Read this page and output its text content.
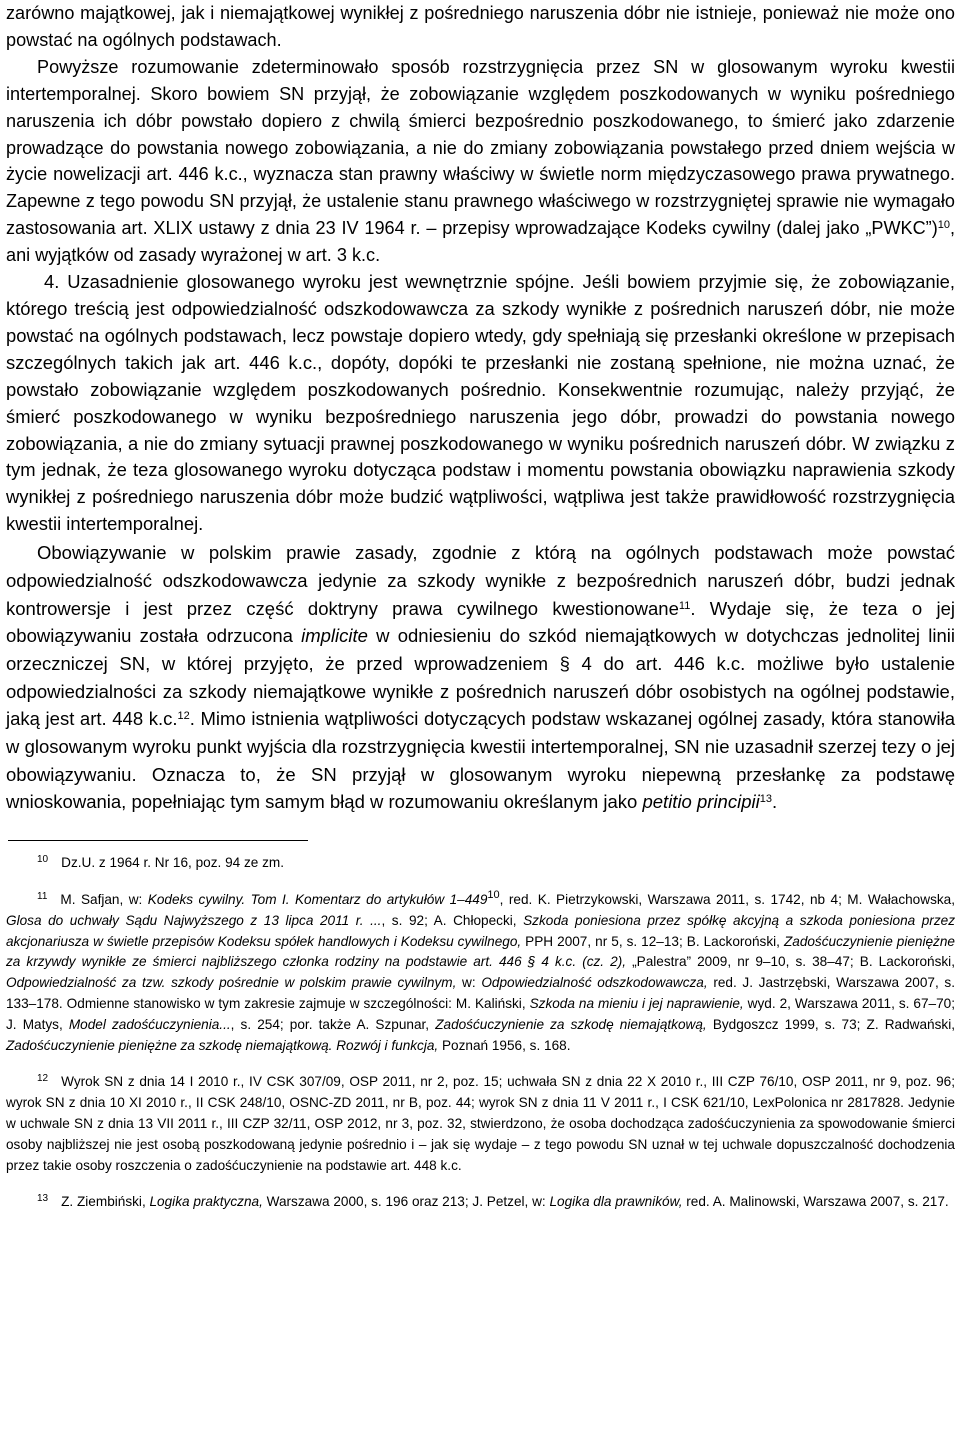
zarówno majątkowej, jak i niemajątkowej wynikłej z pośredniego naruszenia dóbr nie istnieje, ponieważ nie może ono powstać na ogólnych podstawach.

Powyższe rozumowanie zdeterminowało sposób rozstrzygnięcia przez SN w glosowanym wyroku kwestii intertemporalnej. Skoro bowiem SN przyjął, że zobowiązanie względem poszkodowanych w wyniku pośredniego naruszenia ich dóbr powstało dopiero z chwilą śmierci bezpośrednio poszkodowanego, to śmierć jako zdarzenie prowadzące do powstania nowego zobowiązania, a nie do zmiany zobowiązania powstałego przed dniem wejścia w życie nowelizacji art. 446 k.c., wyznacza stan prawny właściwy w świetle norm międzyczasowego prawa prywatnego. Zapewne z tego powodu SN przyjął, że ustalenie stanu prawnego właściwego w rozstrzygniętej sprawie nie wymagało zastosowania art. XLIX ustawy z dnia 23 IV 1964 r. – przepisy wprowadzające Kodeks cywilny (dalej jako „PWKC”)$^{10}$, ani wyjątków od zasady wyrażonej w art. 3 k.c.

4. Uzasadnienie glosowanego wyroku jest wewnętrznie spójne. Jeśli bowiem przyjmie się, że zobowiązanie, którego treścią jest odpowiedzialność odszkodowawcza za szkody wynikłe z pośrednich naruszeń dóbr, nie może powstać na ogólnych podstawach, lecz powstaje dopiero wtedy, gdy spełniają się przesłanki określone w przepisach szczególnych takich jak art. 446 k.c., dopóty, dopóki te przesłanki nie zostaną spełnione, nie można uznać, że powstało zobowiązanie względem poszkodowanych pośrednio. Konsekwentnie rozumując, należy przyjąć, że śmierć poszkodowanego w wyniku bezpośredniego naruszenia jego dóbr, prowadzi do powstania nowego zobowiązania, a nie do zmiany sytuacji prawnej poszkodowanego w wyniku pośrednich naruszeń dóbr. W związku z tym jednak, że teza glosowanego wyroku dotycząca podstaw i momentu powstania obowiązku naprawienia szkody wynikłej z pośredniego naruszenia dóbr może budzić wątpliwości, wątpliwa jest także prawidłowość rozstrzygnięcia kwestii intertemporalnej.

Obowiązywanie w polskim prawie zasady, zgodnie z którą na ogólnych podstawach może powstać odpowiedzialność odszkodowawcza jedynie za szkody wynikłe z bezpośrednich naruszeń dóbr, budzi jednak kontrowersje i jest przez część doktryny prawa cywilnego kwestionowane$^{11}$. Wydaje się, że teza o jej obowiązywaniu została odrzucona implicite w odniesieniu do szkód niemajątkowych w dotychczas jednolitej linii orzeczniczej SN, w której przyjęto, że przed wprowadzeniem § 4 do art. 446 k.c. możliwe było ustalenie odpowiedzialności za szkody niemajątkowe wynikłe z pośrednich naruszeń dóbr osobistych na ogólnej podstawie, jaką jest art. 448 k.c.$^{12}$. Mimo istnienia wątpliwości dotyczących podstaw wskazanej ogólnej zasady, która stanowiła w glosowanym wyroku punkt wyjścia dla rozstrzygnięcia kwestii intertemporalnej, SN nie uzasadnił szerzej tezy o jej obowiązywaniu. Oznacza to, że SN przyjął w glosowanym wyroku niepewną przesłankę za podstawę wnioskowania, popełniając tym samym błąd w rozumowaniu określanym jako petitio principii$^{13}$.

$^{10}$ Dz.U. z 1964 r. Nr 16, poz. 94 ze zm.

$^{11}$ M. Safjan, w: Kodeks cywilny. Tom I. Komentarz do artykułów $1-449^{10}$, red. K. Pietrzykowski, Warszawa 2011, s. 1742, nb 4; M. Wałachowska, Glosa do uchwały Sądu Najwyższego z 13 lipca 2011 r. ..., s. 92; A. Chłopecki, Szkoda poniesiona przez spółkę akcyjną a szkoda poniesiona przez akcjonariusza w świetle przepisów Kodeksu spółek handlowych i Kodeksu cywilnego, PPH 2007, nr 5, s. 12–13; B. Lackoroński, Zadośćuczynienie pieniężne za krzywdy wynikłe ze śmierci najbliższego członka rodziny na podstawie art. 446 § 4 k.c. (cz. 2), „Palestra” 2009, nr 9–10, s. 38–47; B. Lackoroński, Odpowiedzialność za tzw. szkody pośrednie w polskim prawie cywilnym, w: Odpowiedzialność odszkodowawcza, red. J. Jastrzębski, Warszawa 2007, s. 133–178. Odmienne stanowisko w tym zakresie zajmuje w szczególności: M. Kaliński, Szkoda na mieniu i jej naprawienie, wyd. 2, Warszawa 2011, s. 67–70; J. Matys, Model zadośćuczynienia..., s. 254; por. także A. Szpunar, Zadośćuczynienie za szkodę niemajątkową, Bydgoszcz 1999, s. 73; Z. Radwański, Zadośćuczynienie pieniężne za szkodę niemajątkową. Rozwój i funkcja, Poznań 1956, s. 168.

$^{12}$ Wyrok SN z dnia 14 I 2010 r., IV CSK 307/09, OSP 2011, nr 2, poz. 15; uchwała SN z dnia 22 X 2010 r., III CZP 76/10, OSP 2011, nr 9, poz. 96; wyrok SN z dnia 10 XI 2010 r., II CSK 248/10, OSNC-ZD 2011, nr B, poz. 44; wyrok SN z dnia 11 V 2011 r., I CSK 621/10, LexPolonica nr 2817828. Jedynie w uchwale SN z dnia 13 VII 2011 r., III CZP 32/11, OSP 2012, nr 3, poz. 32, stwierdzono, że osoba dochodząca zadośćuczynienia za spowodowanie śmierci osoby najbliższej nie jest osobą poszkodowaną jedynie pośrednio i – jak się wydaje – z tego powodu SN uznał w tej uchwale dopuszczalność dochodzenia przez takie osoby roszczenia o zadośćuczynienie na podstawie art. 448 k.c.

$^{13}$ Z. Ziembiński, Logika praktyczna, Warszawa 2000, s. 196 oraz 213; J. Petzel, w: Logika dla prawników, red. A. Malinowski, Warszawa 2007, s. 217.
